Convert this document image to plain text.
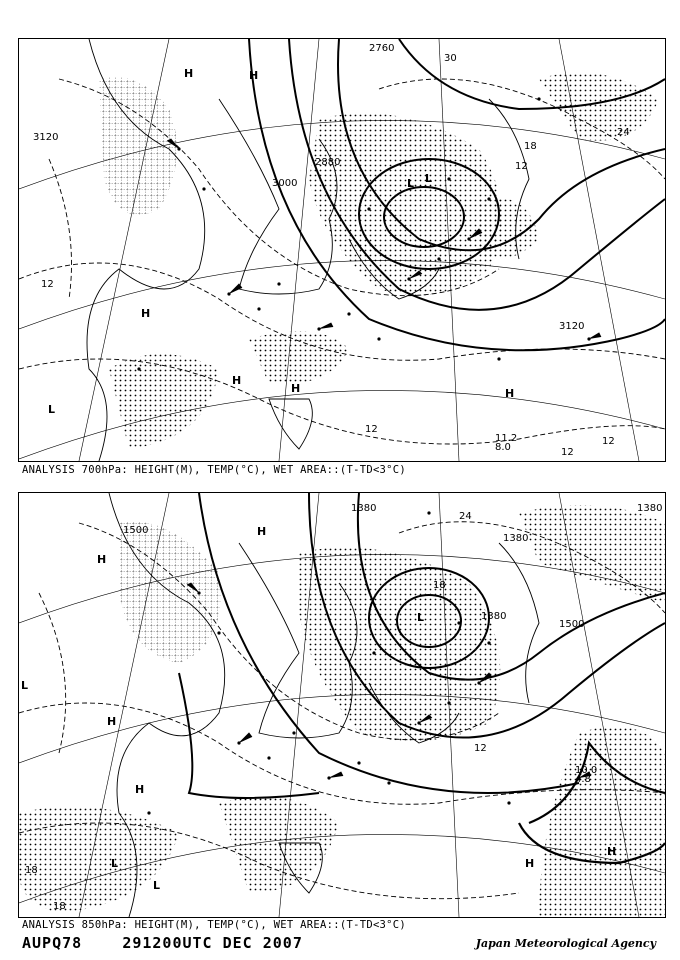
3120
2880
3000
2760
3120
30
24
18
12
12
12
12
12
H	H
L L
H
H
H	H
L
11.2
8.0
ANALYSIS 700hPa: HEIGHT(M), TEMP(°C), WET AREA::(T-TD<3°C)
1500
1380
1380
1500
1380
24
18
12
18
18
1380
H
H
L
L
H
H
L
H
L
H
10.0
4.8
ANALYSIS 850hPa: HEIGHT(M), TEMP(°C), WET AREA::(T-TD<3°C)
AUPQ78	291200UTC DEC 2007	Japan Meteorological Agency
